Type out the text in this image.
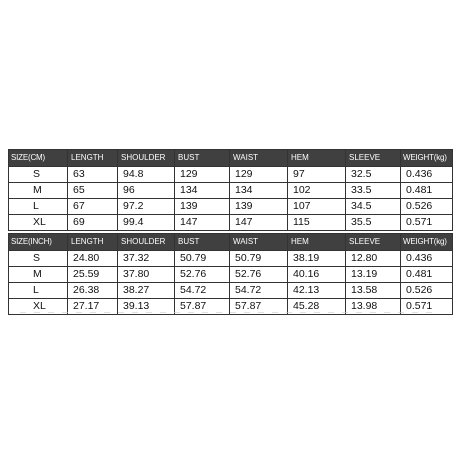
SIZE(CM)	LENGTH	SHOULDER	BUST	WAIST	HEM	SLEEVE	WEIGHT(kg)
S	63	94.8	129	129	97	32.5	0.436
M	65	96	134	134	102	33.5	0.481
L	67	97.2	139	139	107	34.5	0.526
XL	69	99.4	147	147	115	35.5	0.571
SIZE(INCH)	LENGTH	SHOULDER	BUST	WAIST	HEM	SLEEVE	WEIGHT(kg)
S	24.80	37.32	50.79	50.79	38.19	12.80	0.436
M	25.59	37.80	52.76	52.76	40.16	13.19	0.481
L	26.38	38.27	54.72	54.72	42.13	13.58	0.526
XL	27.17	39.13	57.87	57.87	45.28	13.98	0.571
